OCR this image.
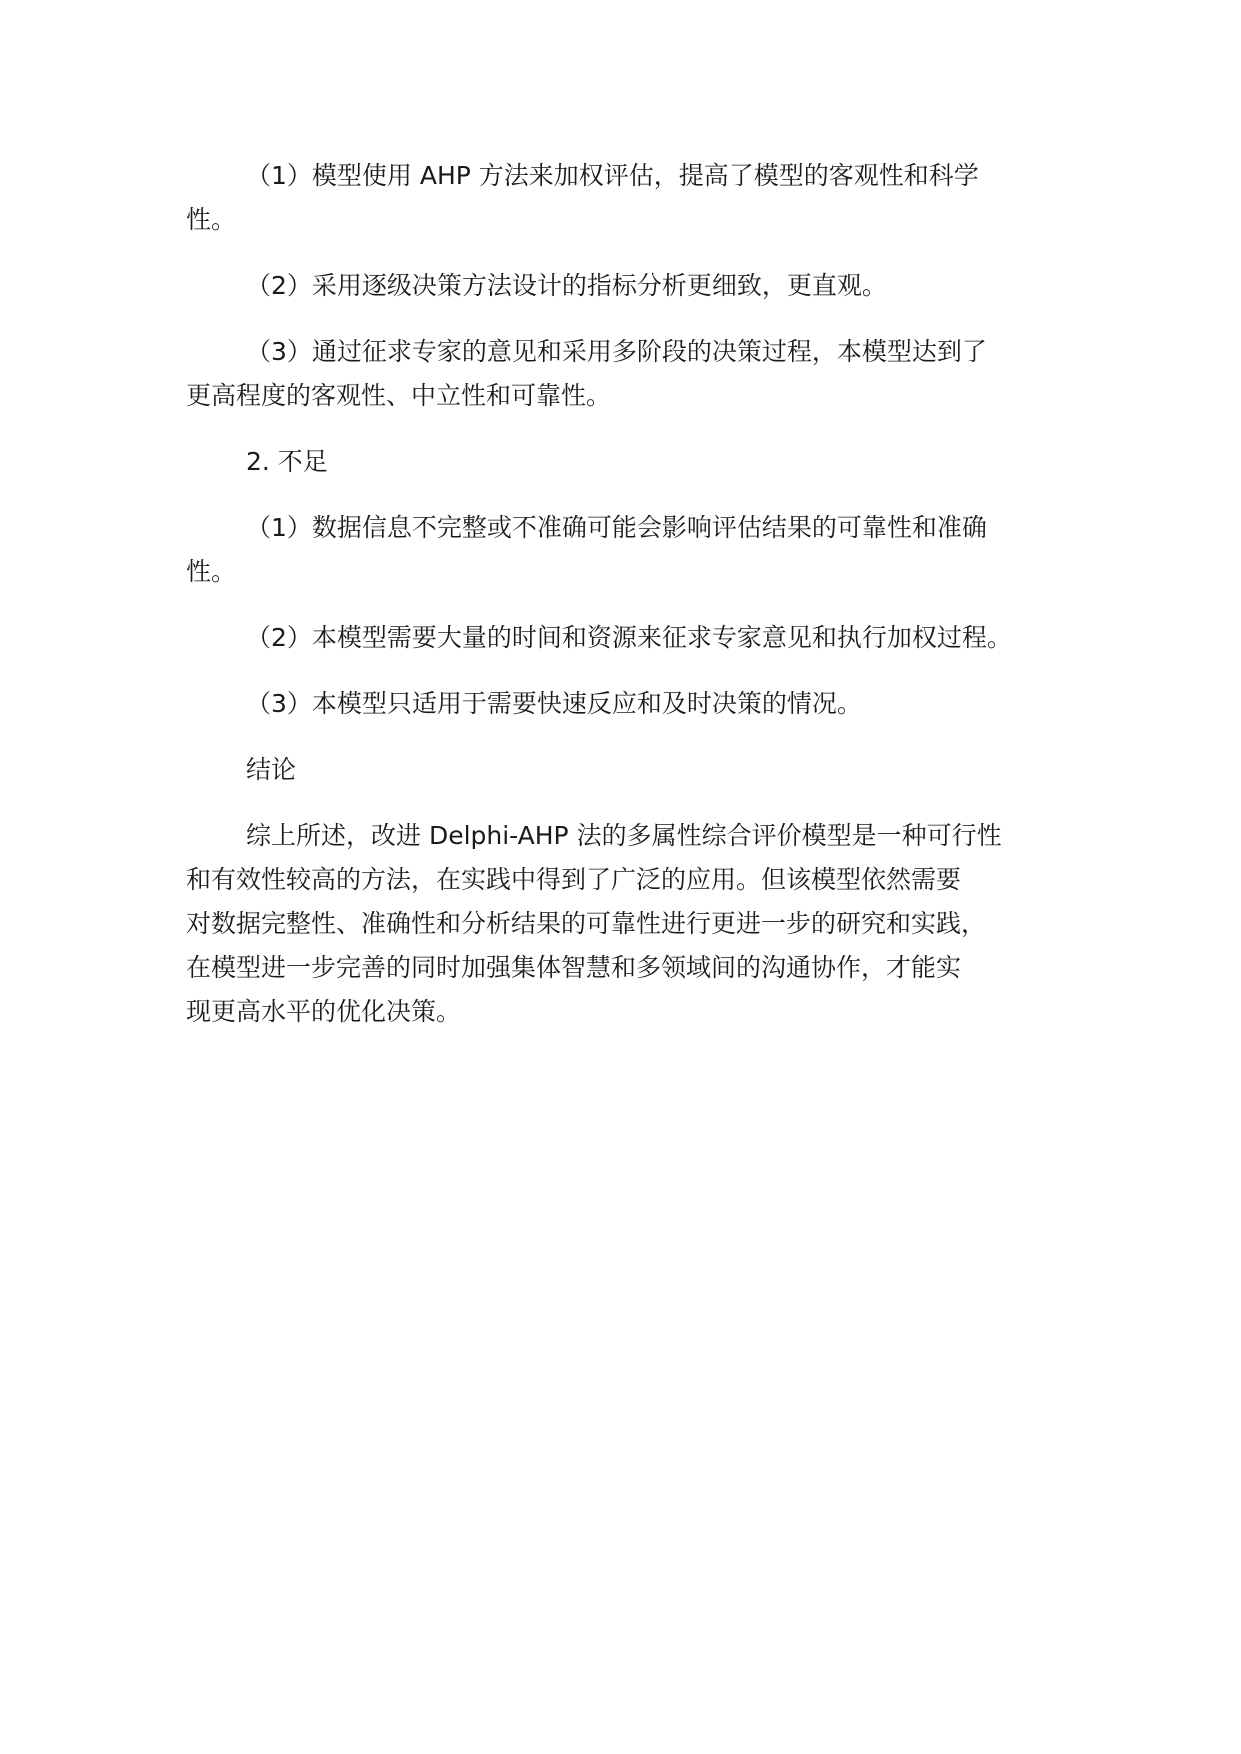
（1）模型使用 AHP 方法来加权评估，提高了模型的客观性和科学
性。
（2）采用逐级决策方法设计的指标分析更细致，更直观。
（3）通过征求专家的意见和采用多阶段的决策过程，本模型达到了
更高程度的客观性、中立性和可靠性。
2. 不足
（1）数据信息不完整或不准确可能会影响评估结果的可靠性和准确
性。
（2）本模型需要大量的时间和资源来征求专家意见和执行加权过程。
（3）本模型只适用于需要快速反应和及时决策的情况。
结论
综上所述，改进 Delphi-AHP 法的多属性综合评价模型是一种可行性
和有效性较高的方法，在实践中得到了广泛的应用。但该模型依然需要
对数据完整性、准确性和分析结果的可靠性进行更进一步的研究和实践，
在模型进一步完善的同时加强集体智慧和多领域间的沟通协作，才能实
现更高水平的优化决策。
